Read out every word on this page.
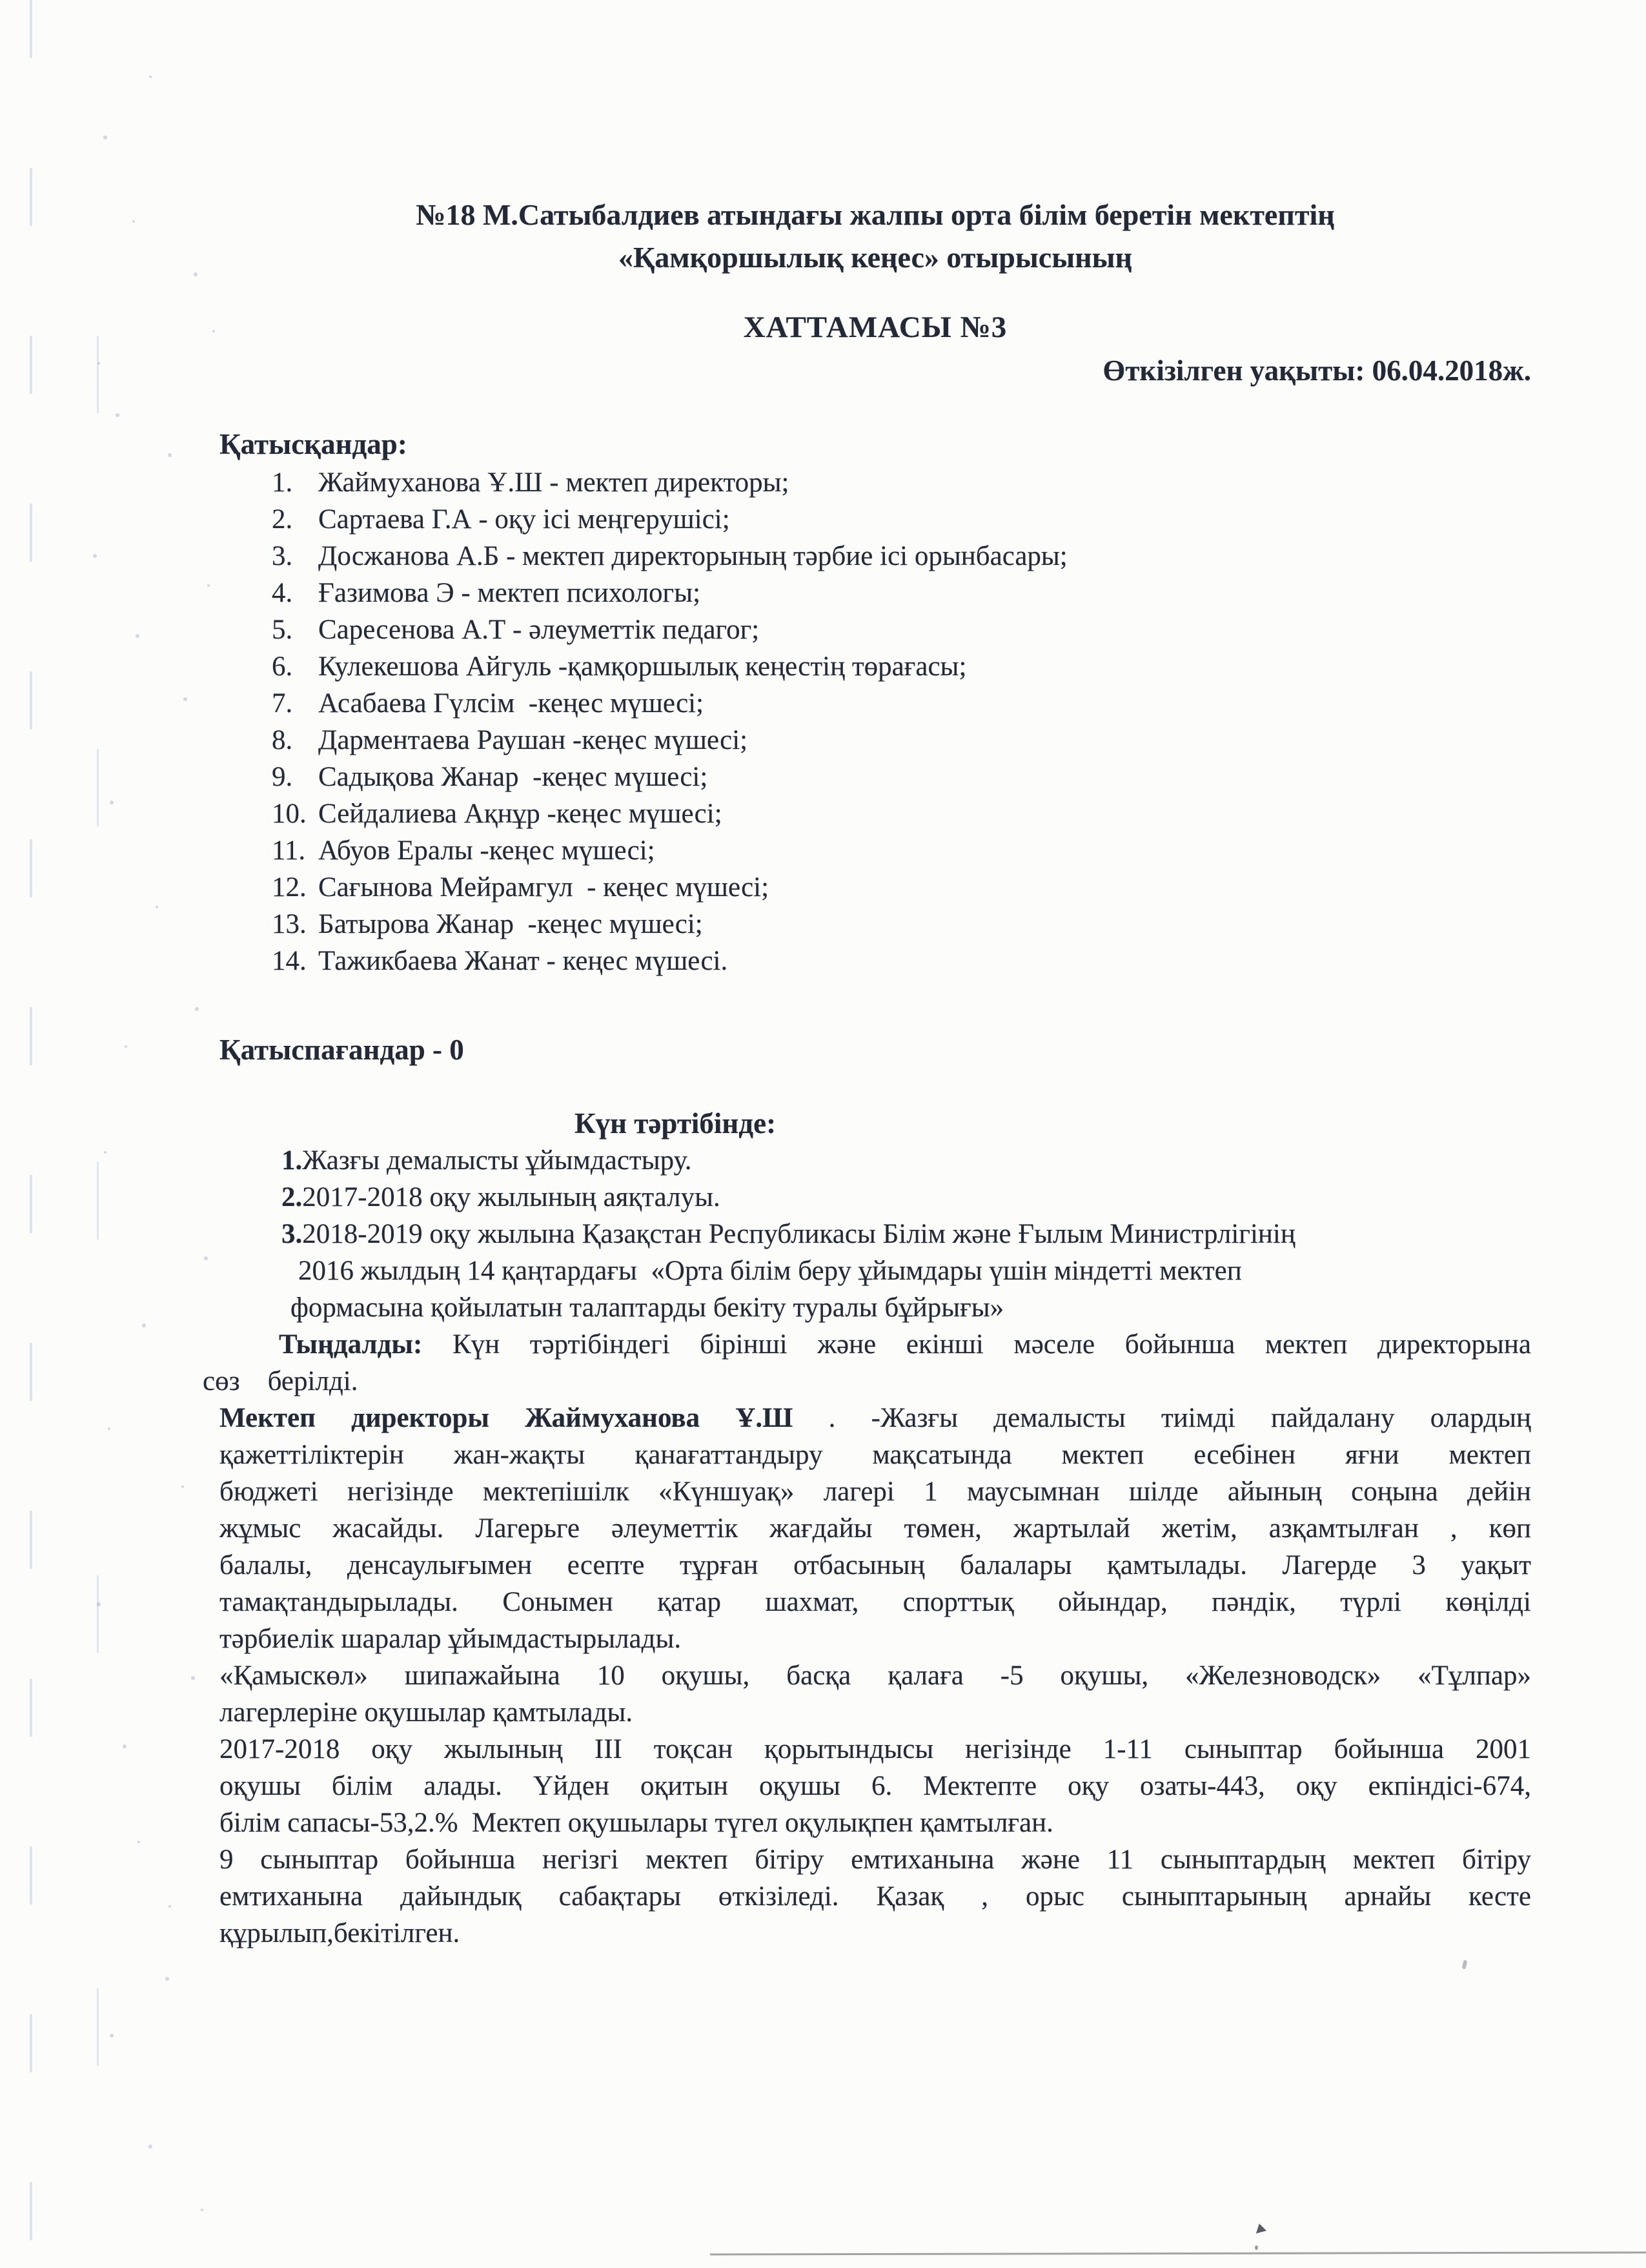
№18 М.Сатыбалдиев атындағы жалпы орта білім беретін мектептің
«Қамқоршылық кеңес» отырысының
ХАТТАМАСЫ №3
Өткізілген уақыты: 06.04.2018ж.
Қатысқандар:
1. Жаймуханова Ұ.Ш - мектеп директоры;
2. Сартаева Г.А - оқу ісі меңгерушісі;
3. Досжанова А.Б - мектеп директорының тәрбие ісі орынбасары;
4. Ғазимова Э - мектеп психологы;
5. Саресенова А.Т - әлеуметтік педагог;
6. Кулекешова Айгуль -қамқоршылық кеңестің төрағасы;
7. Асабаева Гүлсім  -кеңес мүшесі;
8. Дарментаева Раушан -кеңес мүшесі;
9. Садықова Жанар  -кеңес мүшесі;
10. Сейдалиева Ақнұр -кеңес мүшесі;
11. Абуов Ералы -кеңес мүшесі;
12. Сағынова Мейрамгул  - кеңес мүшесі;
13. Батырова Жанар  -кеңес мүшесі;
14. Тажикбаева Жанат - кеңес мүшесі.
Қатыспағандар - 0
Күн тәртібінде:
1.Жазғы демалысты ұйымдастыру.
2.2017-2018 оқу жылының аяқталуы.
3.2018-2019 оқу жылына Қазақстан Республикасы Білім және Ғылым Министрлігінің
2016 жылдың 14 қаңтардағы  «Орта білім беру ұйымдары үшін міндетті мектеп
формасына қойылатын талаптарды бекіту туралы бұйрығы»
Тыңдалды: Күн тәртібіндегі бірінші және екінші мәселе бойынша мектеп директорына
сөз    берілді.
Мектеп директоры Жаймуханова Ұ.Ш . -Жазғы демалысты тиімді пайдалану олардың
қажеттіліктерін жан-жақты қанағаттандыру мақсатында мектеп есебінен яғни мектеп
бюджеті негізінде мектепішілк «Күншуақ» лагері 1 маусымнан шілде айының соңына дейін
жұмыс жасайды. Лагерьге әлеуметтік жағдайы төмен, жартылай жетім, азқамтылған , көп
балалы, денсаулығымен есепте тұрған отбасының балалары қамтылады. Лагерде 3 уақыт
тамақтандырылады. Сонымен қатар шахмат, спорттық ойындар, пәндік, түрлі көңілді
тәрбиелік шаралар ұйымдастырылады.
«Қамыскөл» шипажайына 10 оқушы, басқа қалаға -5 оқушы, «Железноводск» «Тұлпар»
лагерлеріне оқушылар қамтылады.
2017-2018 оқу жылының III тоқсан қорытындысы негізінде 1-11 сыныптар бойынша 2001
оқушы білім алады. Үйден оқитын оқушы 6. Мектепте оқу озаты-443, оқу екпіндісі-674,
білім сапасы-53,2.%  Мектеп оқушылары түгел оқулықпен қамтылған.
9 сыныптар бойынша негізгі мектеп бітіру емтиханына және 11 сыныптардың мектеп бітіру
емтиханына дайындық сабақтары өткізіледі. Қазақ , орыс сыныптарының арнайы кесте
құрылып,бекітілген.
